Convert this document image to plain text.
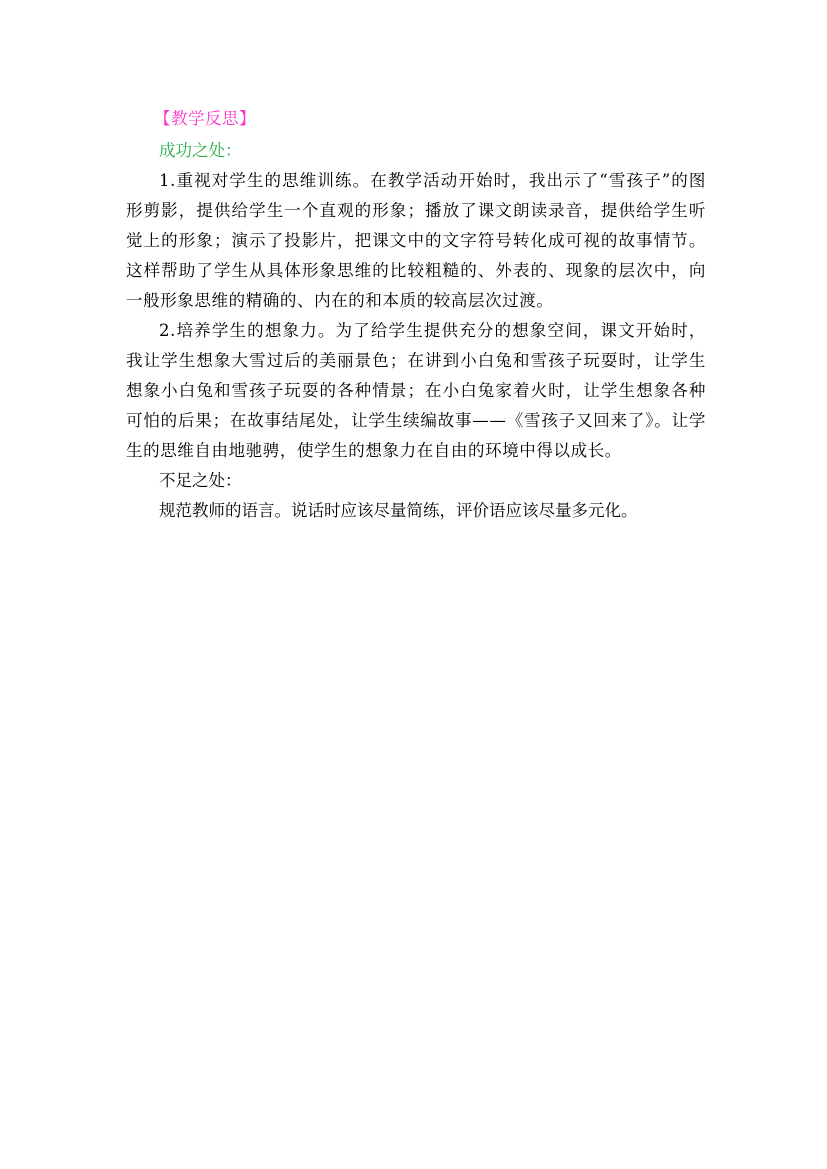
【教学反思】
成功之处：
1.重视对学生的思维训练。在教学活动开始时，我出示了“雪孩子”的图形剪影，提供给学生一个直观的形象；播放了课文朗读录音，提供给学生听觉上的形象；演示了投影片，把课文中的文字符号转化成可视的故事情节。这样帮助了学生从具体形象思维的比较粗糙的、外表的、现象的层次中，向一般形象思维的精确的、内在的和本质的较高层次过渡。
2.培养学生的想象力。为了给学生提供充分的想象空间，课文开始时，我让学生想象大雪过后的美丽景色；在讲到小白兔和雪孩子玩耍时，让学生想象小白兔和雪孩子玩耍的各种情景；在小白兔家着火时，让学生想象各种可怕的后果；在故事结尾处，让学生续编故事——《雪孩子又回来了》。让学生的思维自由地驰骋，使学生的想象力在自由的环境中得以成长。
不足之处：
规范教师的语言。说话时应该尽量简练，评价语应该尽量多元化。
